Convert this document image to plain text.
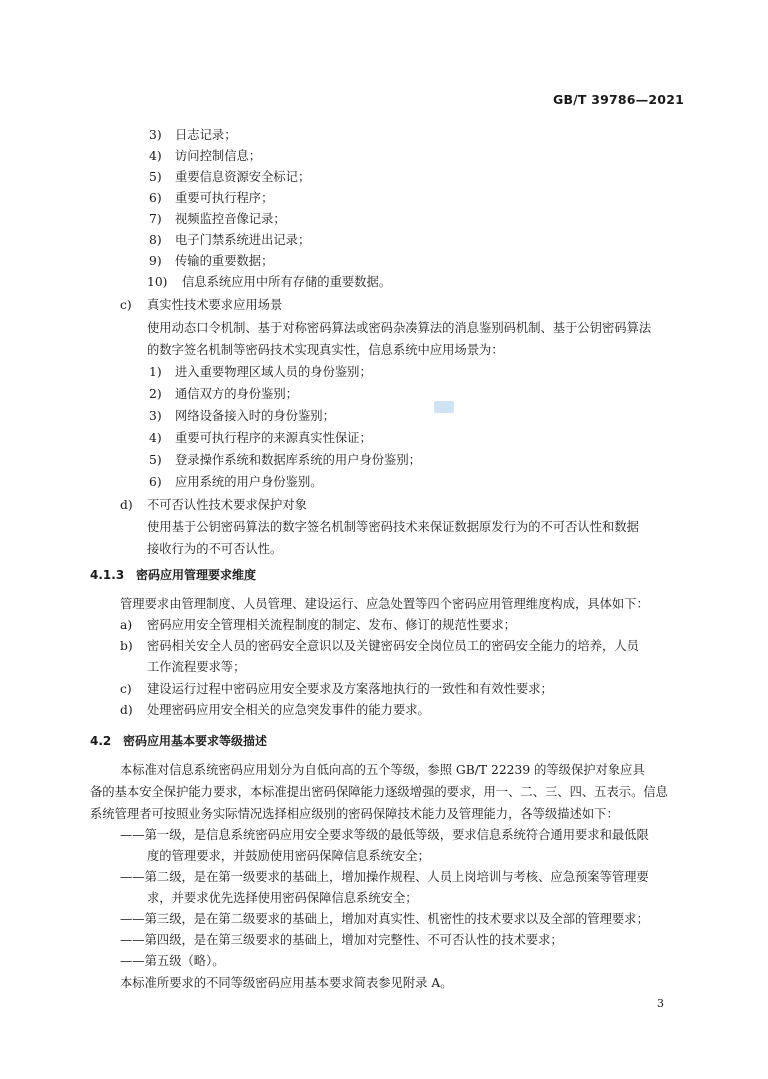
GB/T 39786—2021
3) 日志记录；
4) 访问控制信息；
5) 重要信息资源安全标记；
6) 重要可执行程序；
7) 视频监控音像记录；
8) 电子门禁系统进出记录；
9) 传输的重要数据；
10) 信息系统应用中所有存储的重要数据。
c) 真实性技术要求应用场景
使用动态口令机制、基于对称密码算法或密码杂凑算法的消息鉴别码机制、基于公钥密码算法
的数字签名机制等密码技术实现真实性，信息系统中应用场景为：
1) 进入重要物理区域人员的身份鉴别；
2) 通信双方的身份鉴别；
3) 网络设备接入时的身份鉴别；
4) 重要可执行程序的来源真实性保证；
5) 登录操作系统和数据库系统的用户身份鉴别；
6) 应用系统的用户身份鉴别。
d) 不可否认性技术要求保护对象
使用基于公钥密码算法的数字签名机制等密码技术来保证数据原发行为的不可否认性和数据
接收行为的不可否认性。
4.1.3 密码应用管理要求维度
管理要求由管理制度、人员管理、建设运行、应急处置等四个密码应用管理维度构成，具体如下：
a) 密码应用安全管理相关流程制度的制定、发布、修订的规范性要求；
b) 密码相关安全人员的密码安全意识以及关键密码安全岗位员工的密码安全能力的培养，人员
工作流程要求等；
c) 建设运行过程中密码应用安全要求及方案落地执行的一致性和有效性要求；
d) 处理密码应用安全相关的应急突发事件的能力要求。
4.2 密码应用基本要求等级描述
本标准对信息系统密码应用划分为自低向高的五个等级，参照 GB/T 22239 的等级保护对象应具
备的基本安全保护能力要求，本标准提出密码保障能力逐级增强的要求，用一、二、三、四、五表示。信息
系统管理者可按照业务实际情况选择相应级别的密码保障技术能力及管理能力，各等级描述如下：
——第一级，是信息系统密码应用安全要求等级的最低等级，要求信息系统符合通用要求和最低限
度的管理要求，并鼓励使用密码保障信息系统安全；
——第二级，是在第一级要求的基础上，增加操作规程、人员上岗培训与考核、应急预案等管理要
求，并要求优先选择使用密码保障信息系统安全；
——第三级，是在第二级要求的基础上，增加对真实性、机密性的技术要求以及全部的管理要求；
——第四级，是在第三级要求的基础上，增加对完整性、不可否认性的技术要求；
——第五级（略）。
本标准所要求的不同等级密码应用基本要求简表参见附录 A。
3
